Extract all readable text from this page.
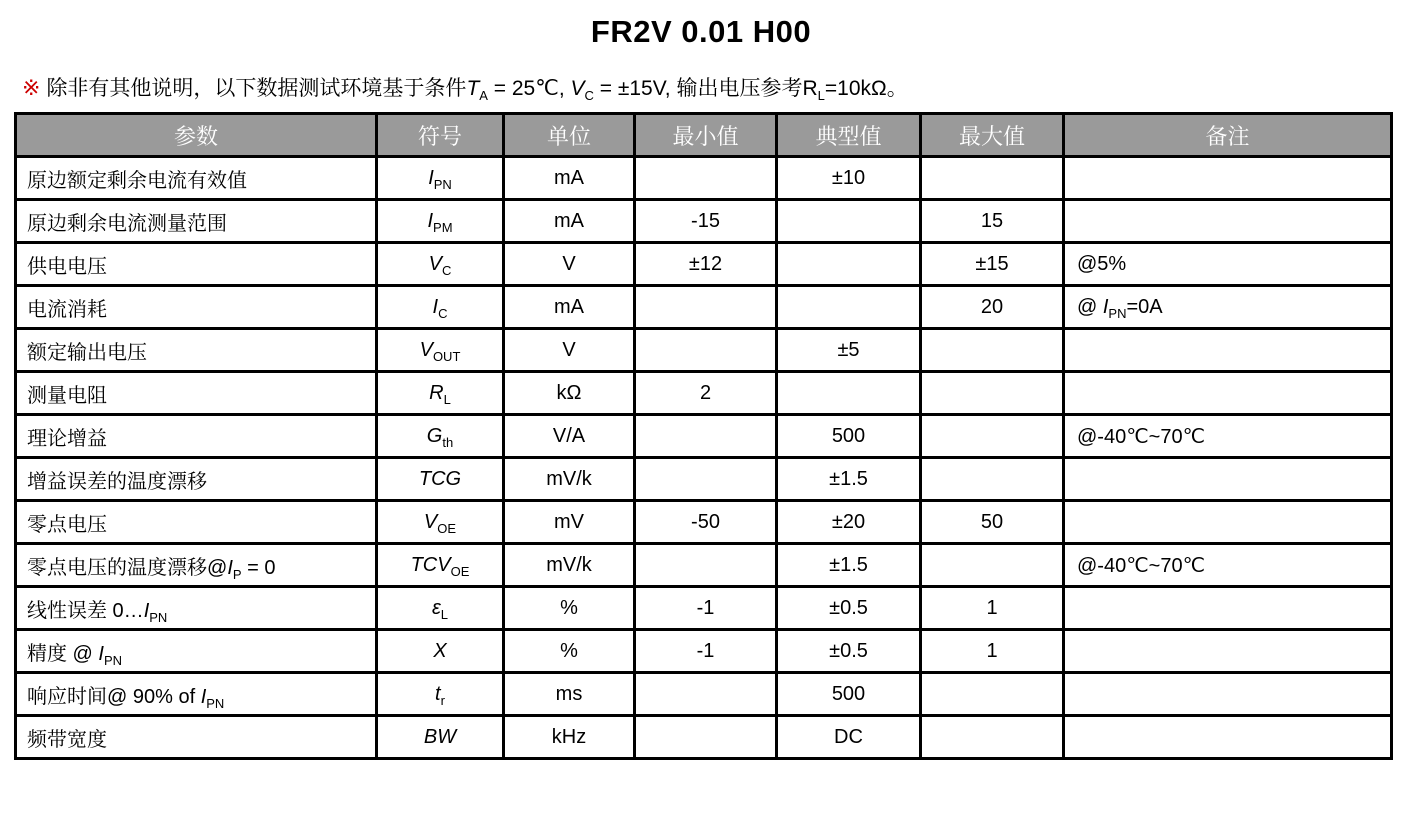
FR2V 0.01 H00

※ 除非有其他说明，以下数据测试环境基于条件$T_A$ = 25℃, $V_C = \pm 15V$, 输出电压参考$R_L=10k\Omega$。

参数	符号	单位	最小值	典型值	最大值	备注
原边额定剩余电流有效值	$I_{PN}$	mA		±10		
原边剩余电流测量范围	$I_{PM}$	mA	-15		15	
供电电压	$V_C$	V	±12		±15	@5%
电流消耗	$I_C$	mA			20	@ $I_{PN}=0A$
额定输出电压	$V_{OUT}$	V		±5		
测量电阻	$R_L$	kΩ	2			
理论增益	$G_{th}$	V/A		500		@-40℃~70℃
增益误差的温度漂移	TCG	mV/k		±1.5		
零点电压	$V_{OE}$	mV	-50	±20	50	
零点电压的温度漂移$@I_P = 0$	$TCV_{OE}$	mV/k		±1.5		@-40℃~70℃
线性误差 $0\dots I_{PN}$	$\varepsilon_L$	%	-1	±0.5	1	
精度 @ $I_{PN}$	X	%	-1	±0.5	1	
响应时间@ 90% of $I_{PN}$	$t_r$	ms		500		
频带宽度	BW	kHz		DC		
